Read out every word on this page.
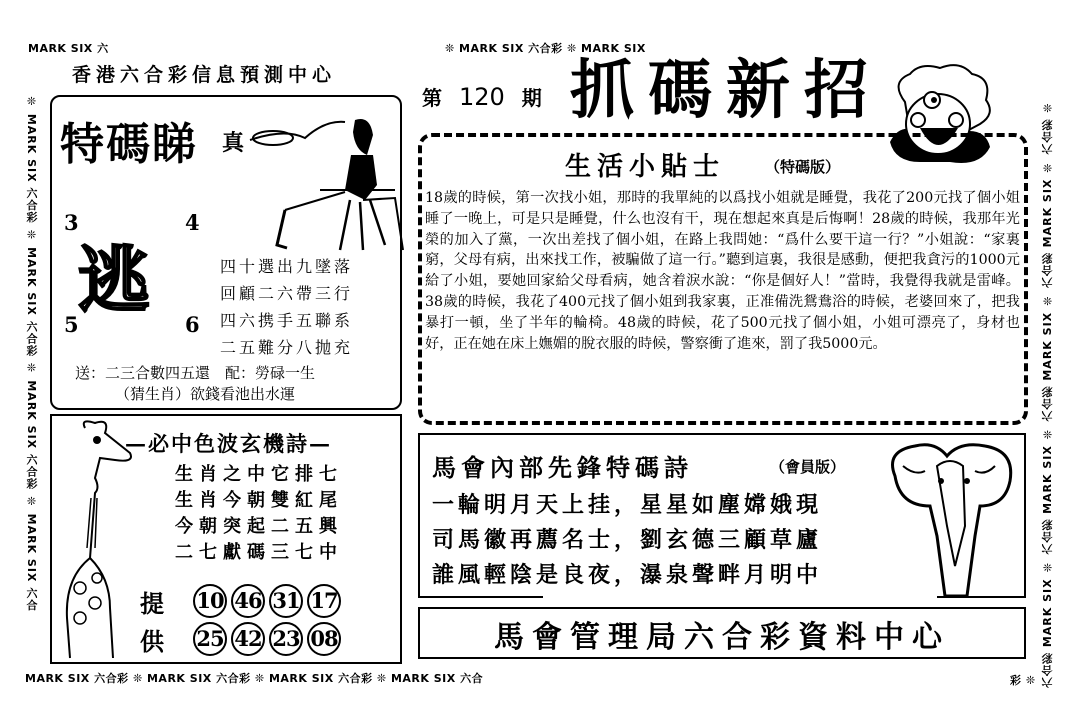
MARK SIX 六	❊ MARK SIX 六合彩 ❊ MARK SIX
❊ MARK SIX 六合彩 ❊ MARK SIX 六合彩 ❊ MARK SIX 六合彩 ❊ MARK SIX 六合	六合彩 MARK SIX ❊ 六合彩 MARK SIX ❊ 六合彩 MARK SIX ❊ 六合彩 MARK SIX ❊ 六合彩 ❊
MARK SIX 六合彩 ❊ MARK SIX 六合彩 ❊ MARK SIX 六合彩 ❊ MARK SIX 六合	彩 ❊
香港六合彩信息預測中心
第 120 期 抓碼新招
特碼睇 真
3	4
5	6
逃	四十選出九墜落
回顧二六帶三行
四六携手五聯系
二五難分八抛充
送：二三合數四五還　配：勞碌一生
（猜生肖）欲錢看池出水運
生活小貼士	（特碼版）

18歲的時候，第一次找小姐，那時的我單純的以爲找小姐就是睡覺，我花了200元找了個小姐睡了一晚上，可是只是睡覺，什么也沒有干，現在想起來真是后悔啊！28歲的時候，我那年光榮的加入了黨，一次出差找了個小姐，在路上我問她：“爲什么要干這一行？”小姐說：“家裏窮，父母有病，出來找工作，被騙做了這一行。”聽到這裏，我很是感動，便把我貪污的1000元給了小姐，要她回家給父母看病，她含着淚水說：“你是個好人！”當時，我覺得我就是雷峰。38歲的時候，我花了400元找了個小姐到我家裏，正准備洗鴛鴦浴的時候，老婆回來了，把我暴打一頓，坐了半年的輪椅。48歲的時候，花了500元找了個小姐，小姐可漂亮了，身材也好，正在她在床上嫵媚的脫衣服的時候，警察衝了進來，罰了我5000元。

—必中色波玄機詩—
生肖之中它排七
生肖今朝雙紅尾
今朝突起二五興
二七獻碼三七中
提
供
10 46 31 17
25 42 23 08
馬會內部先鋒特碼詩	（會員版）
一輪明月天上挂，星星如塵嫦娥現
司馬徽再薦名士，劉玄德三顧草廬
誰風輕陰是良夜，瀑泉聲畔月明中
馬會管理局六合彩資料中心
